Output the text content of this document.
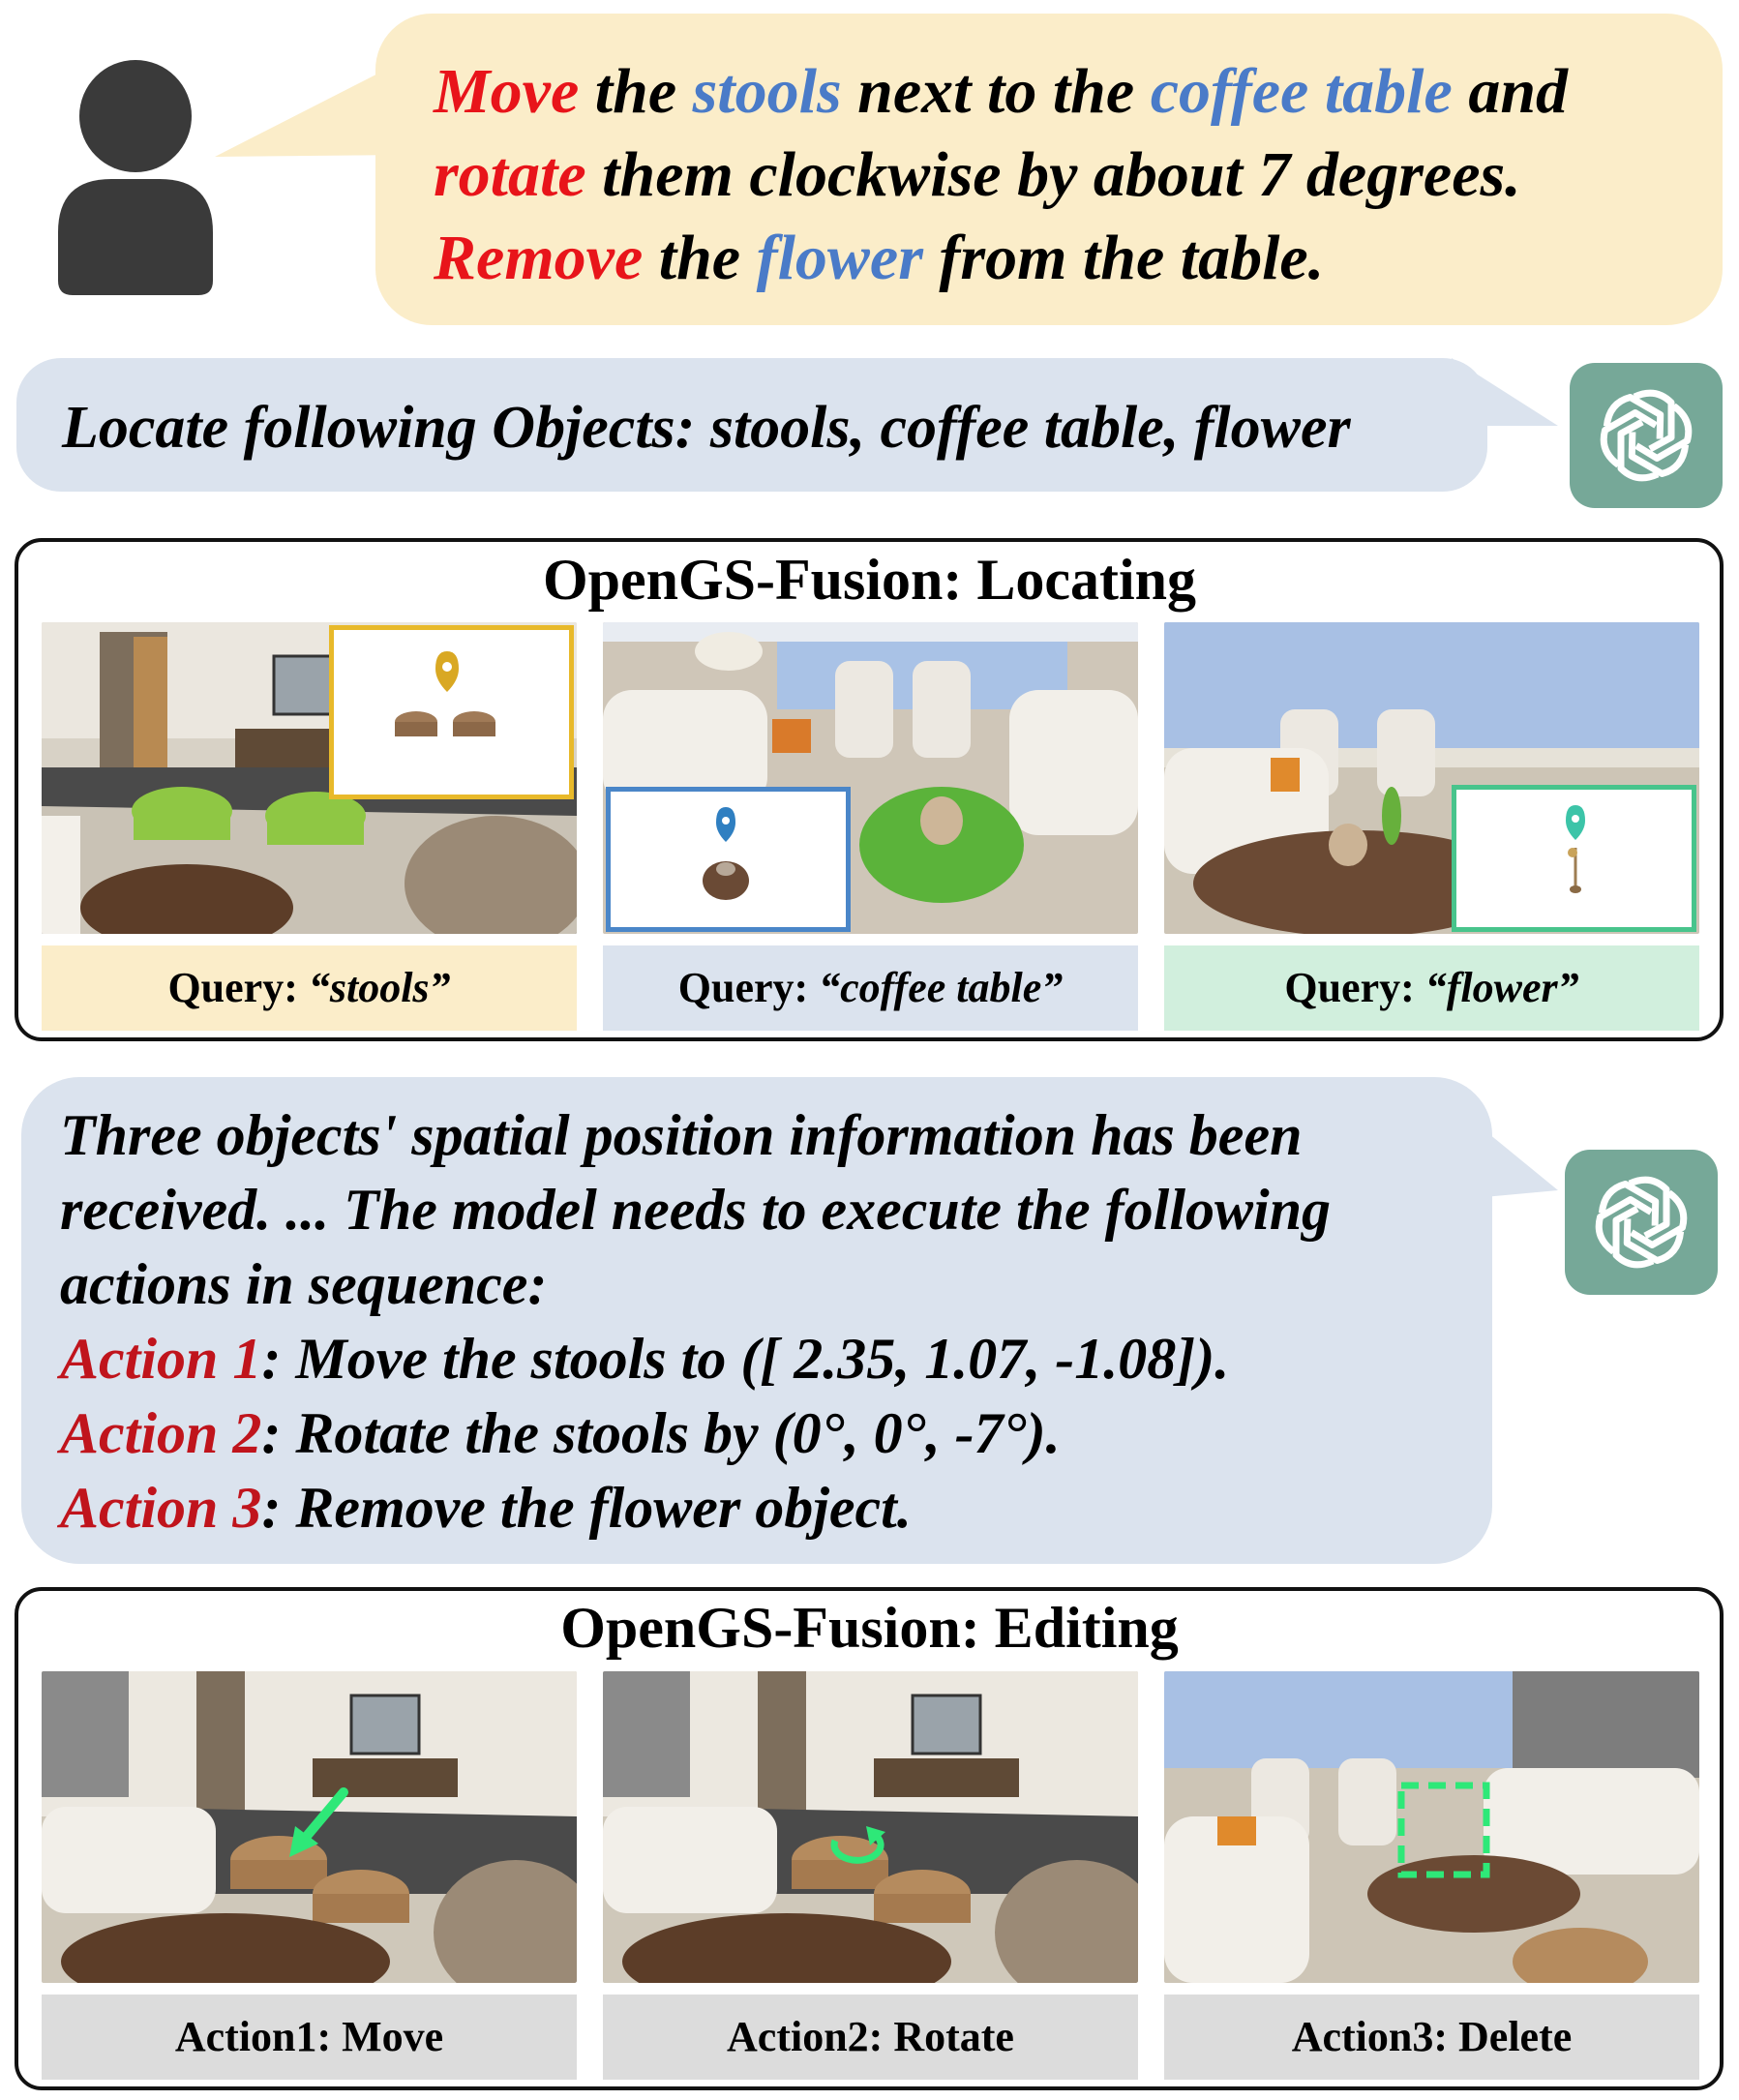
Move the stools next to the coffee table and rotate them clockwise by about 7 degrees. Remove the flower from the table.
Locate following Objects: stools, coffee table, flower
OpenGS-Fusion: Locating
Query: “stools”	Query: “coffee table”	Query: “flower”
Three objects' spatial position information has been received. ... The model needs to execute the following actions in sequence:
Action 1: Move the stools to ([ 2.35, 1.07, -1.08]).
Action 2: Rotate the stools by (0°, 0°, -7°).
Action 3: Remove the flower object.
OpenGS-Fusion: Editing
Action1: Move	Action2: Rotate	Action3: Delete
